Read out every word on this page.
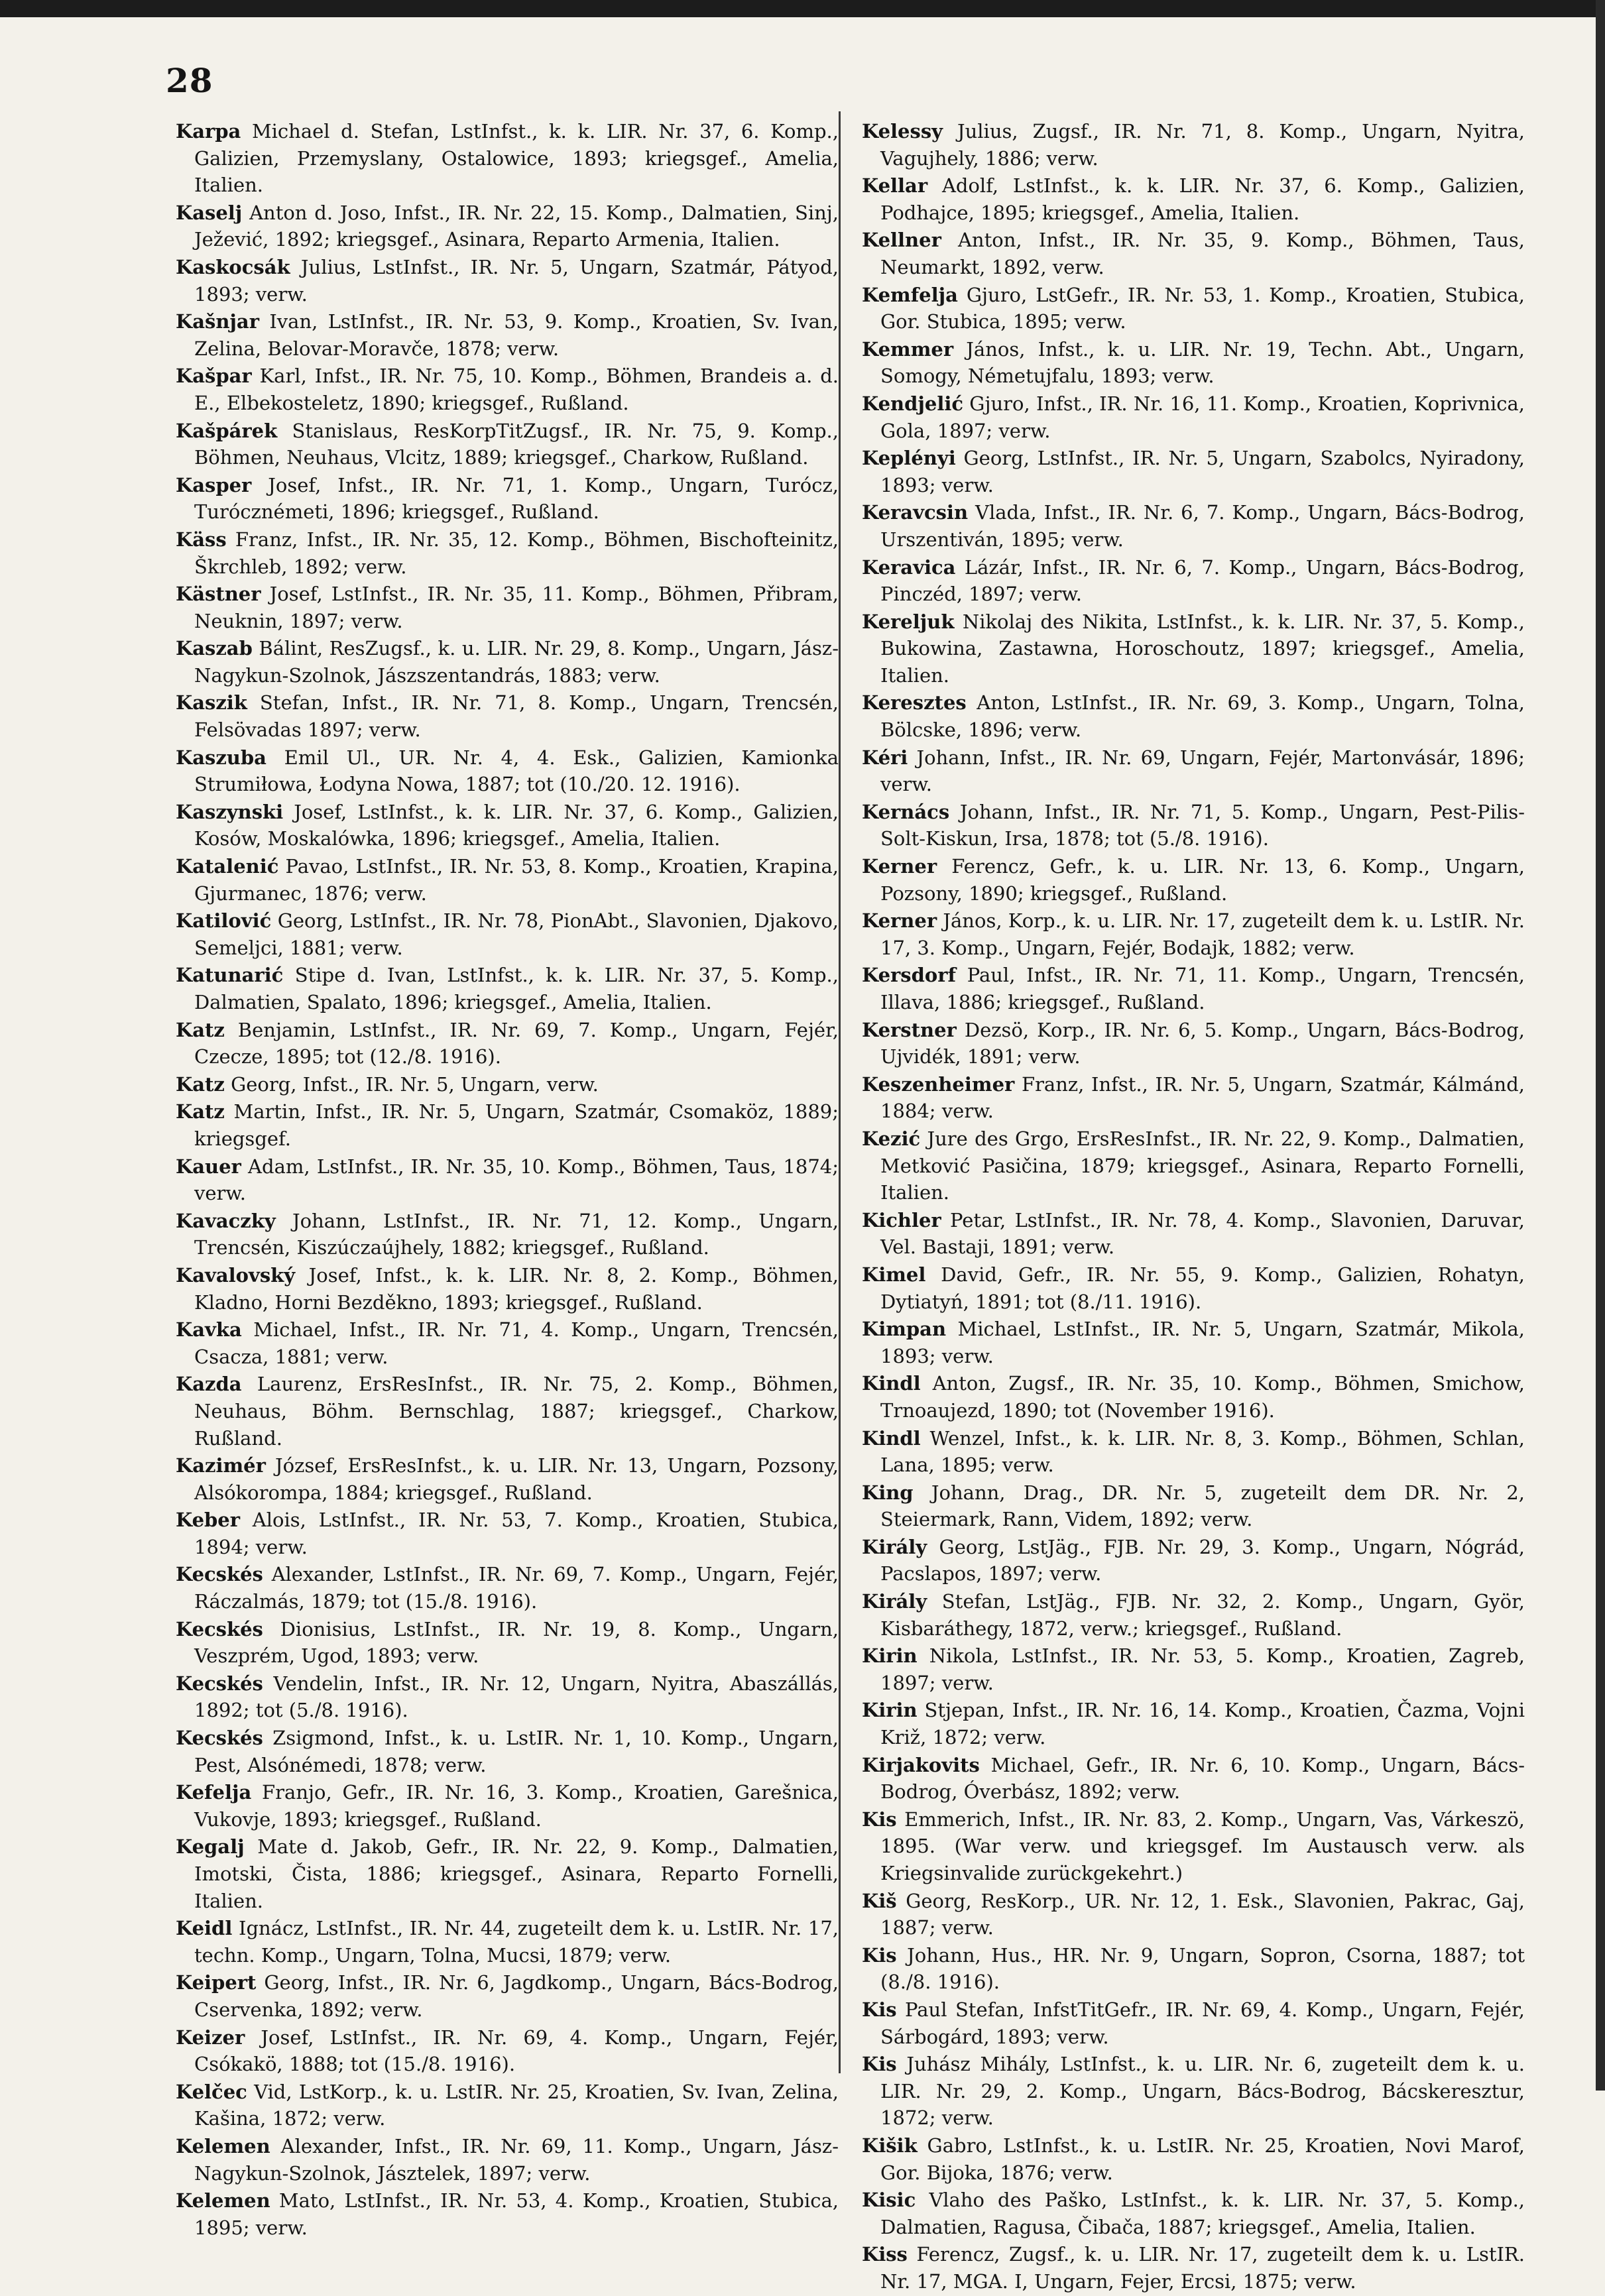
28

Karpa Michael d. Stefan, LstInfst., k. k. LIR. Nr. 37, 6. Komp., Galizien, Przemyslany, Ostalowice, 1893; kriegsgef., Amelia, Italien.

Kaselj Anton d. Joso, Infst., IR. Nr. 22, 15. Komp., Dalmatien, Sinj, Ježević, 1892; kriegsgef., Asinara, Reparto Armenia, Italien.

Kaskocsák Julius, LstInfst., IR. Nr. 5, Ungarn, Szatmár, Pátyod, 1893; verw.

Kašnjar Ivan, LstInfst., IR. Nr. 53, 9. Komp., Kroatien, Sv. Ivan, Zelina, Belovar-Moravče, 1878; verw.

Kašpar Karl, Infst., IR. Nr. 75, 10. Komp., Böhmen, Brandeis a. d. E., Elbekosteletz, 1890; kriegsgef., Rußland.

Kašpárek Stanislaus, ResKorpTitZugsf., IR. Nr. 75, 9. Komp., Böhmen, Neuhaus, Vlcitz, 1889; kriegsgef., Charkow, Rußland.

Kasper Josef, Infst., IR. Nr. 71, 1. Komp., Ungarn, Turócz, Turócznémeti, 1896; kriegsgef., Rußland.

Käss Franz, Infst., IR. Nr. 35, 12. Komp., Böhmen, Bischofteinitz, Škrchleb, 1892; verw.

Kästner Josef, LstInfst., IR. Nr. 35, 11. Komp., Böhmen, Přibram, Neuknin, 1897; verw.

Kaszab Bálint, ResZugsf., k. u. LIR. Nr. 29, 8. Komp., Ungarn, Jász-Nagykun-Szolnok, Jászszentandrás, 1883; verw.

Kaszik Stefan, Infst., IR. Nr. 71, 8. Komp., Ungarn, Trencsén, Felsövadas 1897; verw.

Kaszuba Emil Ul., UR. Nr. 4, 4. Esk., Galizien, Kamionka Strumiłowa, Łodyna Nowa, 1887; tot (10./20. 12. 1916).

Kaszynski Josef, LstInfst., k. k. LIR. Nr. 37, 6. Komp., Galizien, Kosów, Moskalówka, 1896; kriegsgef., Amelia, Italien.

Katalenić Pavao, LstInfst., IR. Nr. 53, 8. Komp., Kroatien, Krapina, Gjurmanec, 1876; verw.

Katilović Georg, LstInfst., IR. Nr. 78, PionAbt., Slavonien, Djakovo, Semeljci, 1881; verw.

Katunarić Stipe d. Ivan, LstInfst., k. k. LIR. Nr. 37, 5. Komp., Dalmatien, Spalato, 1896; kriegsgef., Amelia, Italien.

Katz Benjamin, LstInfst., IR. Nr. 69, 7. Komp., Ungarn, Fejér, Czecze, 1895; tot (12./8. 1916).

Katz Georg, Infst., IR. Nr. 5, Ungarn, verw.

Katz Martin, Infst., IR. Nr. 5, Ungarn, Szatmár, Csomaköz, 1889; kriegsgef.

Kauer Adam, LstInfst., IR. Nr. 35, 10. Komp., Böhmen, Taus, 1874; verw.

Kavaczky Johann, LstInfst., IR. Nr. 71, 12. Komp., Ungarn, Trencsén, Kiszúczaújhely, 1882; kriegsgef., Rußland.

Kavalovský Josef, Infst., k. k. LIR. Nr. 8, 2. Komp., Böhmen, Kladno, Horni Bezděkno, 1893; kriegsgef., Rußland.

Kavka Michael, Infst., IR. Nr. 71, 4. Komp., Ungarn, Trencsén, Csacza, 1881; verw.

Kazda Laurenz, ErsResInfst., IR. Nr. 75, 2. Komp., Böhmen, Neuhaus, Böhm. Bernschlag, 1887; kriegsgef., Charkow, Rußland.

Kazimér József, ErsResInfst., k. u. LIR. Nr. 13, Ungarn, Pozsony, Alsókorompa, 1884; kriegsgef., Rußland.

Keber Alois, LstInfst., IR. Nr. 53, 7. Komp., Kroatien, Stubica, 1894; verw.

Kecskés Alexander, LstInfst., IR. Nr. 69, 7. Komp., Ungarn, Fejér, Ráczalmás, 1879; tot (15./8. 1916).

Kecskés Dionisius, LstInfst., IR. Nr. 19, 8. Komp., Ungarn, Veszprém, Ugod, 1893; verw.

Kecskés Vendelin, Infst., IR. Nr. 12, Ungarn, Nyitra, Abaszállás, 1892; tot (5./8. 1916).

Kecskés Zsigmond, Infst., k. u. LstIR. Nr. 1, 10. Komp., Ungarn, Pest, Alsónémedi, 1878; verw.

Kefelja Franjo, Gefr., IR. Nr. 16, 3. Komp., Kroatien, Garešnica, Vukovje, 1893; kriegsgef., Rußland.

Kegalj Mate d. Jakob, Gefr., IR. Nr. 22, 9. Komp., Dalmatien, Imotski, Čista, 1886; kriegsgef., Asinara, Reparto Fornelli, Italien.

Keidl Ignácz, LstInfst., IR. Nr. 44, zugeteilt dem k. u. LstIR. Nr. 17, techn. Komp., Ungarn, Tolna, Mucsi, 1879; verw.

Keipert Georg, Infst., IR. Nr. 6, Jagdkomp., Ungarn, Bács-Bodrog, Cservenka, 1892; verw.

Keizer Josef, LstInfst., IR. Nr. 69, 4. Komp., Ungarn, Fejér, Csókakö, 1888; tot (15./8. 1916).

Kelčec Vid, LstKorp., k. u. LstIR. Nr. 25, Kroatien, Sv. Ivan, Zelina, Kašina, 1872; verw.

Kelemen Alexander, Infst., IR. Nr. 69, 11. Komp., Ungarn, Jász-Nagykun-Szolnok, Jásztelek, 1897; verw.

Kelemen Mato, LstInfst., IR. Nr. 53, 4. Komp., Kroatien, Stubica, 1895; verw.

Kelessy Julius, Zugsf., IR. Nr. 71, 8. Komp., Ungarn, Nyitra, Vagujhely, 1886; verw.

Kellar Adolf, LstInfst., k. k. LIR. Nr. 37, 6. Komp., Galizien, Podhajce, 1895; kriegsgef., Amelia, Italien.

Kellner Anton, Infst., IR. Nr. 35, 9. Komp., Böhmen, Taus, Neumarkt, 1892, verw.

Kemfelja Gjuro, LstGefr., IR. Nr. 53, 1. Komp., Kroatien, Stubica, Gor. Stubica, 1895; verw.

Kemmer János, Infst., k. u. LIR. Nr. 19, Techn. Abt., Ungarn, Somogy, Németujfalu, 1893; verw.

Kendjelić Gjuro, Infst., IR. Nr. 16, 11. Komp., Kroatien, Koprivnica, Gola, 1897; verw.

Keplényi Georg, LstInfst., IR. Nr. 5, Ungarn, Szabolcs, Nyiradony, 1893; verw.

Keravcsin Vlada, Infst., IR. Nr. 6, 7. Komp., Ungarn, Bács-Bodrog, Urszentiván, 1895; verw.

Keravica Lázár, Infst., IR. Nr. 6, 7. Komp., Ungarn, Bács-Bodrog, Pinczéd, 1897; verw.

Kereljuk Nikolaj des Nikita, LstInfst., k. k. LIR. Nr. 37, 5. Komp., Bukowina, Zastawna, Horoschoutz, 1897; kriegsgef., Amelia, Italien.

Keresztes Anton, LstInfst., IR. Nr. 69, 3. Komp., Ungarn, Tolna, Bölcske, 1896; verw.

Kéri Johann, Infst., IR. Nr. 69, Ungarn, Fejér, Martonvásár, 1896; verw.

Kernács Johann, Infst., IR. Nr. 71, 5. Komp., Ungarn, Pest-Pilis-Solt-Kiskun, Irsa, 1878; tot (5./8. 1916).

Kerner Ferencz, Gefr., k. u. LIR. Nr. 13, 6. Komp., Ungarn, Pozsony, 1890; kriegsgef., Rußland.

Kerner János, Korp., k. u. LIR. Nr. 17, zugeteilt dem k. u. LstIR. Nr. 17, 3. Komp., Ungarn, Fejér, Bodajk, 1882; verw.

Kersdorf Paul, Infst., IR. Nr. 71, 11. Komp., Ungarn, Trencsén, Illava, 1886; kriegsgef., Rußland.

Kerstner Dezsö, Korp., IR. Nr. 6, 5. Komp., Ungarn, Bács-Bodrog, Ujvidék, 1891; verw.

Keszenheimer Franz, Infst., IR. Nr. 5, Ungarn, Szatmár, Kálmánd, 1884; verw.

Kezić Jure des Grgo, ErsResInfst., IR. Nr. 22, 9. Komp., Dalmatien, Metković Pasičina, 1879; kriegsgef., Asinara, Reparto Fornelli, Italien.

Kichler Petar, LstInfst., IR. Nr. 78, 4. Komp., Slavonien, Daruvar, Vel. Bastaji, 1891; verw.

Kimel David, Gefr., IR. Nr. 55, 9. Komp., Galizien, Rohatyn, Dytiatyń, 1891; tot (8./11. 1916).

Kimpan Michael, LstInfst., IR. Nr. 5, Ungarn, Szatmár, Mikola, 1893; verw.

Kindl Anton, Zugsf., IR. Nr. 35, 10. Komp., Böhmen, Smichow, Trnoaujezd, 1890; tot (November 1916).

Kindl Wenzel, Infst., k. k. LIR. Nr. 8, 3. Komp., Böhmen, Schlan, Lana, 1895; verw.

King Johann, Drag., DR. Nr. 5, zugeteilt dem DR. Nr. 2, Steiermark, Rann, Videm, 1892; verw.

Király Georg, LstJäg., FJB. Nr. 29, 3. Komp., Ungarn, Nógrád, Pacslapos, 1897; verw.

Király Stefan, LstJäg., FJB. Nr. 32, 2. Komp., Ungarn, Györ, Kisbaráthegy, 1872, verw.; kriegsgef., Rußland.

Kirin Nikola, LstInfst., IR. Nr. 53, 5. Komp., Kroatien, Zagreb, 1897; verw.

Kirin Stjepan, Infst., IR. Nr. 16, 14. Komp., Kroatien, Čazma, Vojni Križ, 1872; verw.

Kirjakovits Michael, Gefr., IR. Nr. 6, 10. Komp., Ungarn, Bács-Bodrog, Óverbász, 1892; verw.

Kis Emmerich, Infst., IR. Nr. 83, 2. Komp., Ungarn, Vas, Várkeszö, 1895. (War verw. und kriegsgef. Im Austausch verw. als Kriegsinvalide zurückgekehrt.)

Kiš Georg, ResKorp., UR. Nr. 12, 1. Esk., Slavonien, Pakrac, Gaj, 1887; verw.

Kis Johann, Hus., HR. Nr. 9, Ungarn, Sopron, Csorna, 1887; tot (8./8. 1916).

Kis Paul Stefan, InfstTitGefr., IR. Nr. 69, 4. Komp., Ungarn, Fejér, Sárbogárd, 1893; verw.

Kis Juhász Mihály, LstInfst., k. u. LIR. Nr. 6, zugeteilt dem k. u. LIR. Nr. 29, 2. Komp., Ungarn, Bács-Bodrog, Bácskeresztur, 1872; verw.

Kišik Gabro, LstInfst., k. u. LstIR. Nr. 25, Kroatien, Novi Marof, Gor. Bijoka, 1876; verw.

Kisic Vlaho des Paško, LstInfst., k. k. LIR. Nr. 37, 5. Komp., Dalmatien, Ragusa, Čibača, 1887; kriegsgef., Amelia, Italien.

Kiss Ferencz, Zugsf., k. u. LIR. Nr. 17, zugeteilt dem k. u. LstIR. Nr. 17, MGA. I, Ungarn, Fejer, Ercsi, 1875; verw.
